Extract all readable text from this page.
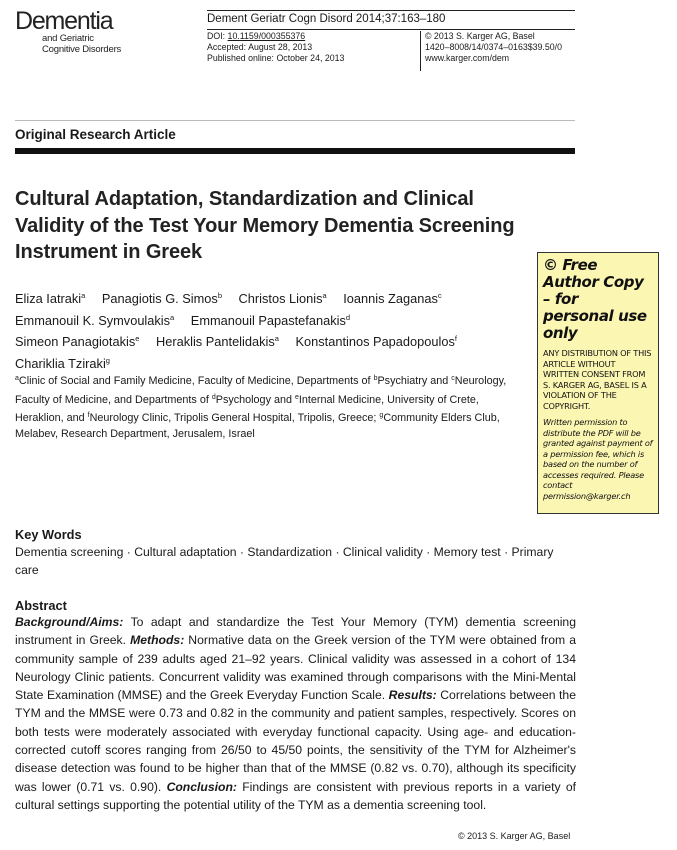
Dementia
and Geriatric
Cognitive Disorders
Dement Geriatr Cogn Disord 2014;37:163–180
DOI: 10.1159/000355376
Accepted: August 28, 2013
Published online: October 24, 2013
© 2013 S. Karger AG, Basel
1420–8008/14/0374–0163$39.50/0
www.karger.com/dem
Original Research Article
Cultural Adaptation, Standardization and Clinical Validity of the Test Your Memory Dementia Screening Instrument in Greek
Eliza Iatraki$^a$ Panagiotis G. Simos$^b$ Christos Lionis$^a$ Ioannis Zaganas$^c$
Emmanouil K. Symvoulakis$^a$ Emmanouil Papastefanakis$^d$
Simeon Panagiotakis$^e$ Heraklis Pantelidakis$^a$ Konstantinos Papadopoulos$^f$
Chariklia Tziraki$^g$
$^a$Clinic of Social and Family Medicine, Faculty of Medicine, Departments of $^b$Psychiatry and $^c$Neurology, Faculty of Medicine, and Departments of $^d$Psychology and $^e$Internal Medicine, University of Crete, Heraklion, and $^f$Neurology Clinic, Tripolis General Hospital, Tripolis, Greece; $^g$Community Elders Club, Melabev, Research Department, Jerusalem, Israel
© Free Author Copy – for personal use only
ANY DISTRIBUTION OF THIS ARTICLE WITHOUT WRITTEN CONSENT FROM S. KARGER AG, BASEL IS A VIOLATION OF THE COPYRIGHT.
Written permission to distribute the PDF will be granted against payment of a permission fee, which is based on the number of accesses required. Please contact permission@karger.ch
Key Words
Dementia screening · Cultural adaptation · Standardization · Clinical validity · Memory test · Primary care
Abstract
Background/Aims: To adapt and standardize the Test Your Memory (TYM) dementia screening instrument in Greek. Methods: Normative data on the Greek version of the TYM were obtained from a community sample of 239 adults aged 21–92 years. Clinical validity was assessed in a cohort of 134 Neurology Clinic patients. Concurrent validity was examined through comparisons with the Mini-Mental State Examination (MMSE) and the Greek Everyday Function Scale. Results: Correlations between the TYM and the MMSE were 0.73 and 0.82 in the community and patient samples, respectively. Scores on both tests were moderately associated with everyday functional capacity. Using age- and education-corrected cutoff scores ranging from 26/50 to 45/50 points, the sensitivity of the TYM for Alzheimer's disease detection was found to be higher than that of the MMSE (0.82 vs. 0.70), although its specificity was lower (0.71 vs. 0.90). Conclusion: Findings are consistent with previous reports in a variety of cultural settings supporting the potential utility of the TYM as a dementia screening tool.
© 2013 S. Karger AG, Basel
